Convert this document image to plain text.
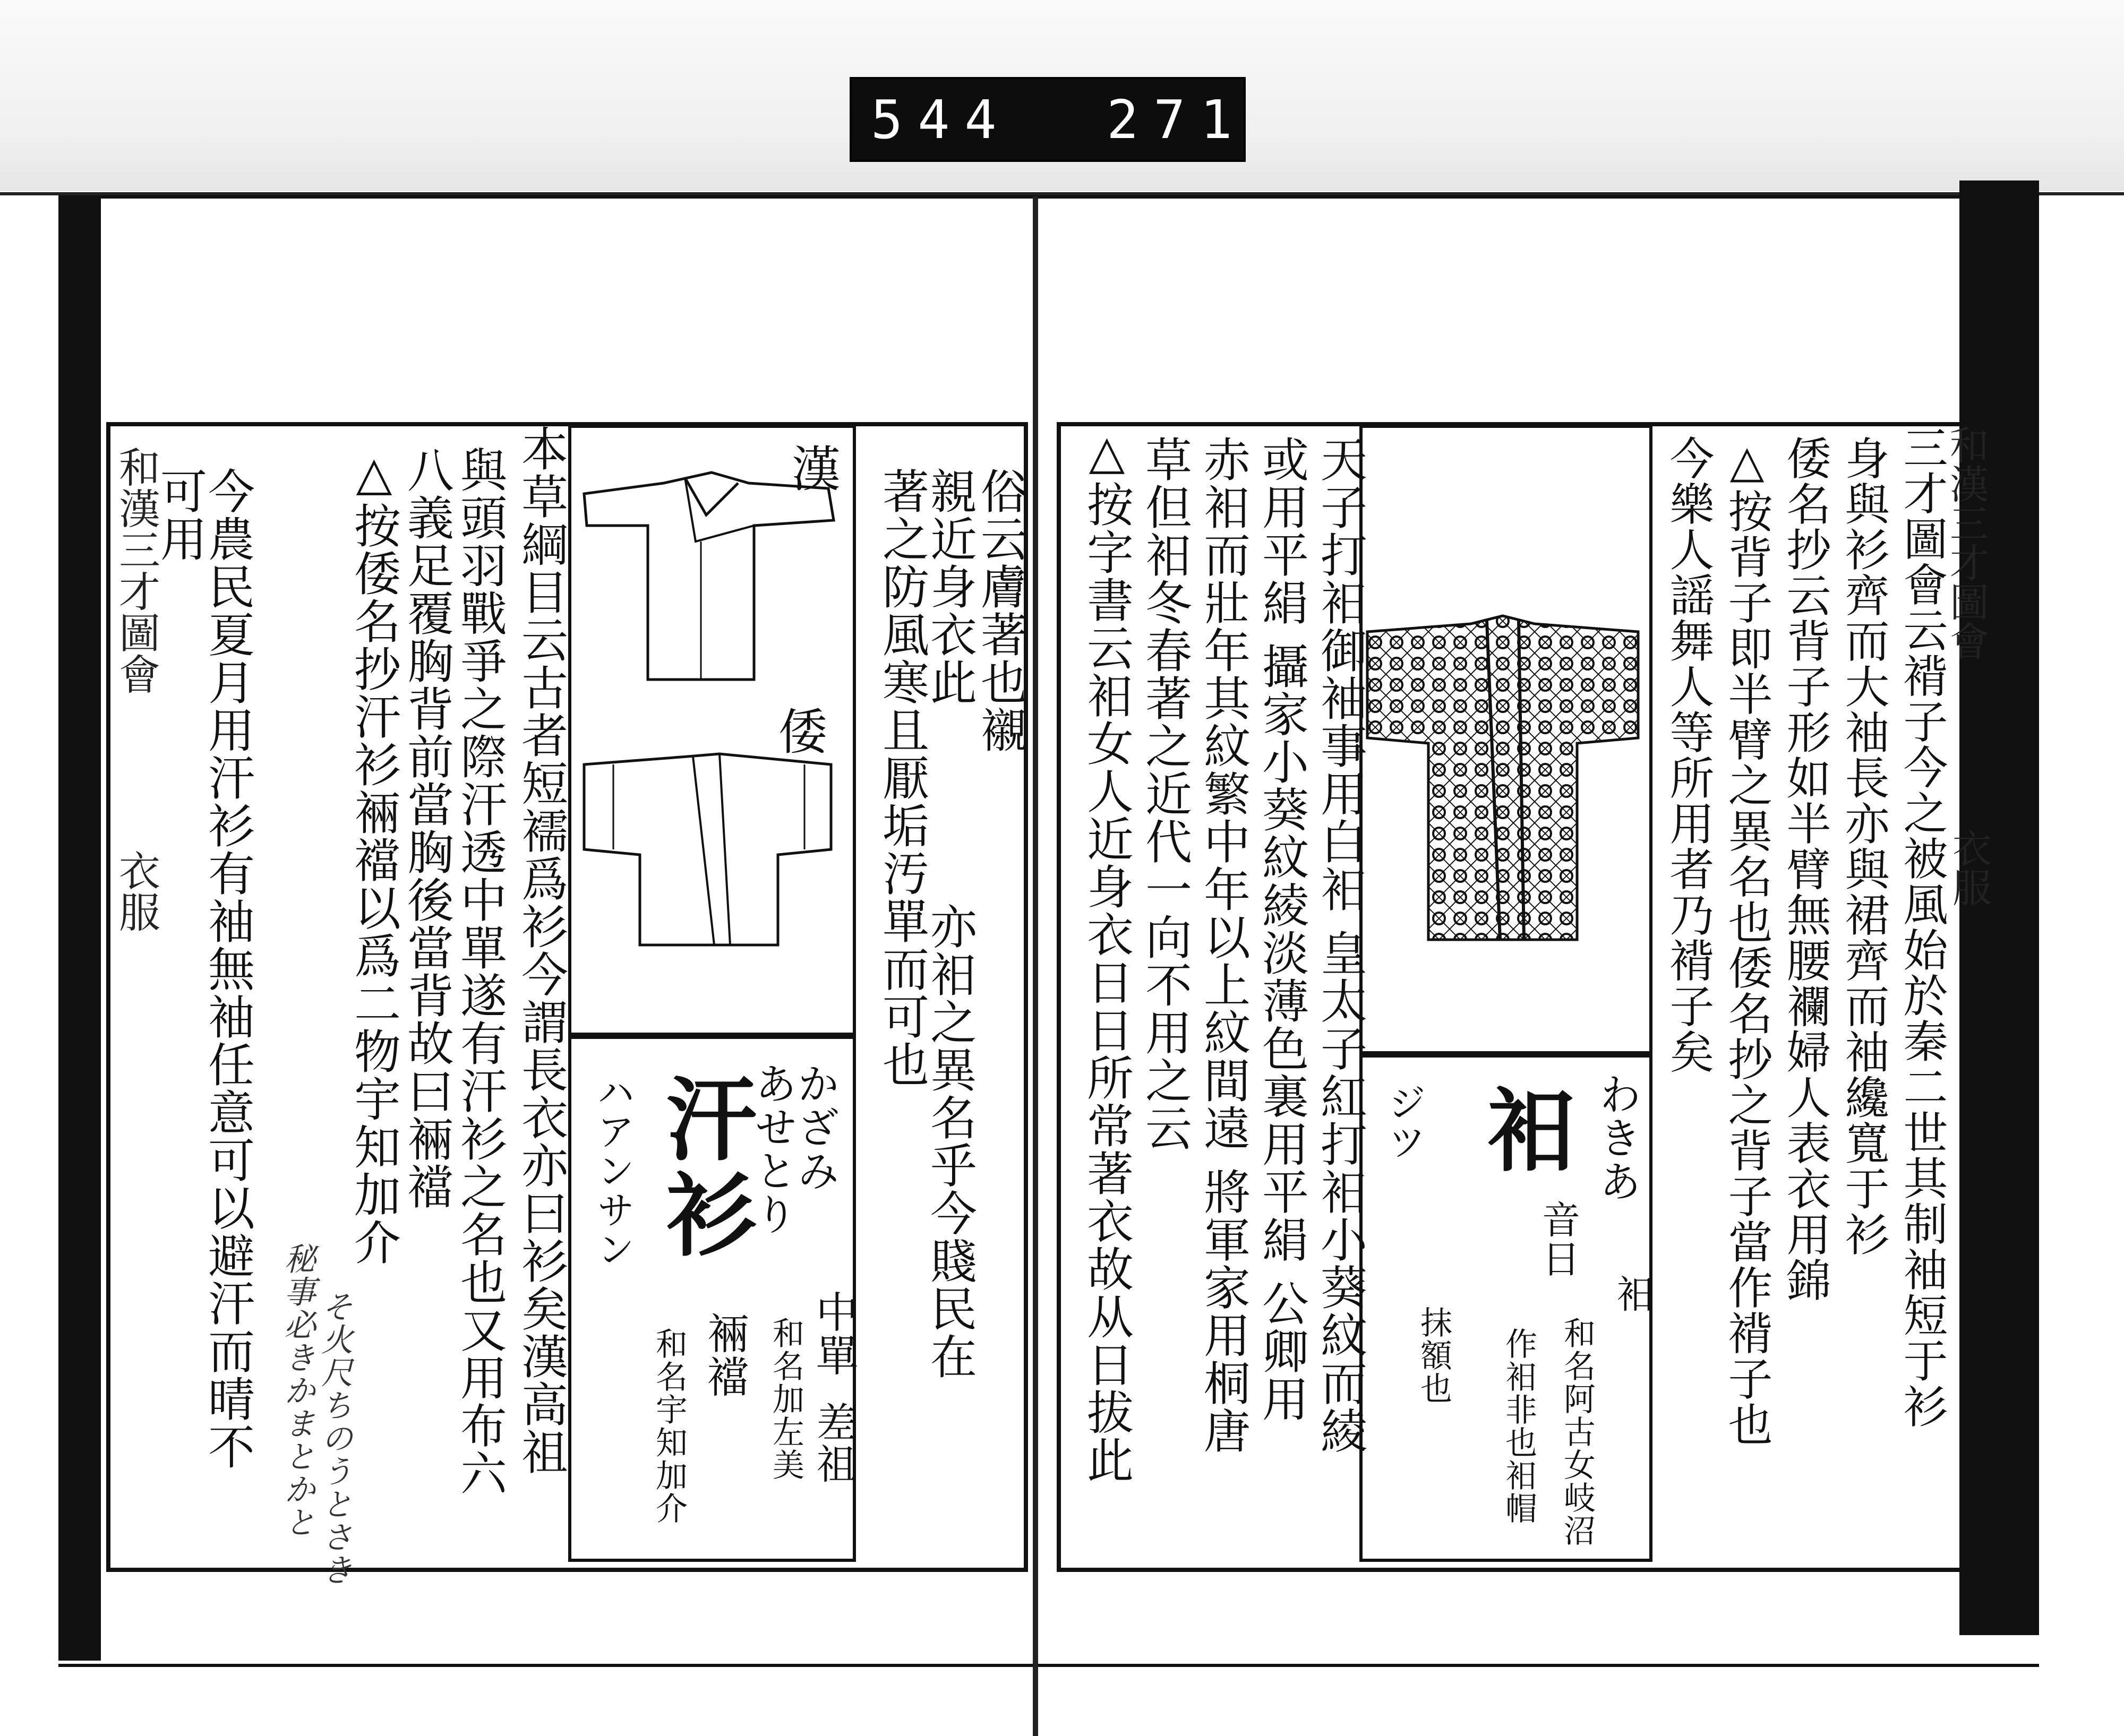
544 271
和漢三才圖會
衣服 今農民夏月用汗衫有袖無袖任意可以避汗而晴不
可用	△按倭名抄汗衫裲襠以爲二物宇知加介
八義足覆胸背前當胸後當背故曰裲襠
與頭羽戰爭之際汗透中單遂有汗衫之名也又用布六 本草綱目云古者短襦爲衫今謂長衣亦曰衫矣漢高祖
秘事必きかまとかと そ火尺ちのうとさき
漢
倭
かざみ
あせとり
汗衫
ハアンサン
中單
差祖
和名加左美
裲襠
和名宇知加介
俗云膚著也襯
親近身衣此
亦衵之異名乎今賤民在
著之防風寒且厭垢汚單而可也	和漢三才圖會
衣服
△按字書云衵女人近身衣日日所常著衣故从日拔此 草但衵冬春著之近代一向不用之云 赤衵而壯年其紋繁中年以上紋間遠 將軍家用桐唐 或用平絹 攝家小葵紋綾淡薄色裏用平絹 公卿用 天子打衵御袖事用白衵 皇太子紅打衵小葵紋而綾	わきあ
衵
ジツ
音日
衵
和名阿古女岐沼
作衵非也衵帽
抹額也
今樂人謡舞人等所用者乃褙子矣 △按背子即半臂之異名也倭名抄之背子當作褙子也 倭名抄云背子形如半臂無腰襴婦人表衣用錦 身與衫齊而大袖長亦與裙齊而袖纔寬于衫 三才圖會云褙子今之被風始於秦二世其制袖短于衫
